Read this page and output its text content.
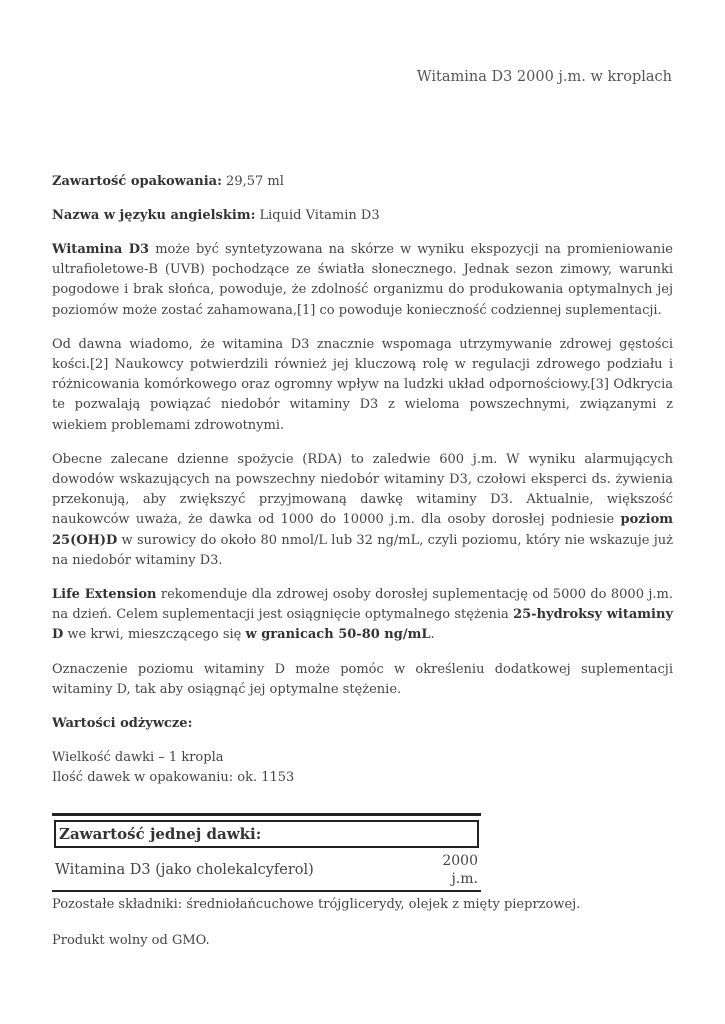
Witamina D3 2000 j.m. w kroplach

Zawartość opakowania: 29,57 ml

Nazwa w języku angielskim: Liquid Vitamin D3

Witamina D3 może być syntetyzowana na skórze w wyniku ekspozycji na promieniowanie ultrafioletowe-B (UVB) pochodzące ze światła słonecznego. Jednak sezon zimowy, warunki pogodowe i brak słońca, powoduje, że zdolność organizmu do produkowania optymalnych jej poziomów może zostać zahamowana,[1] co powoduje konieczność codziennej suplementacji.

Od dawna wiadomo, że witamina D3 znacznie wspomaga utrzymywanie zdrowej gęstości kości.[2] Naukowcy potwierdzili również jej kluczową rolę w regulacji zdrowego podziału i różnicowania komórkowego oraz ogromny wpływ na ludzki układ odpornościowy.[3] Odkrycia te pozwalają powiązać niedobór witaminy D3 z wieloma powszechnymi, związanymi z wiekiem problemami zdrowotnymi.

Obecne zalecane dzienne spożycie (RDA) to zaledwie 600 j.m. W wyniku alarmujących dowodów wskazujących na powszechny niedobór witaminy D3, czołowi eksperci ds. żywienia przekonują, aby zwiększyć przyjmowaną dawkę witaminy D3. Aktualnie, większość naukowców uważa, że dawka od 1000 do 10000 j.m. dla osoby dorosłej podniesie poziom 25(OH)D w surowicy do około 80 nmol/L lub 32 ng/mL, czyli poziomu, który nie wskazuje już na niedobór witaminy D3.

Life Extension rekomenduje dla zdrowej osoby dorosłej suplementację od 5000 do 8000 j.m. na dzień. Celem suplementacji jest osiągnięcie optymalnego stężenia 25-hydroksy witaminy D we krwi, mieszczącego się w granicach 50-80 ng/mL.

Oznaczenie poziomu witaminy D może pomóc w określeniu dodatkowej suplementacji witaminy D, tak aby osiągnąć jej optymalne stężenie.

Wartości odżywcze:

Wielkość dawki – 1 kropla

Ilość dawek w opakowaniu: ok. 1153

Zawartość jednej dawki:
Witamina D3 (jako cholekalcyferol)
2000
j.m.

Pozostałe składniki: średniołańcuchowe trójglicerydy, olejek z mięty pieprzowej.

Produkt wolny od GMO.
